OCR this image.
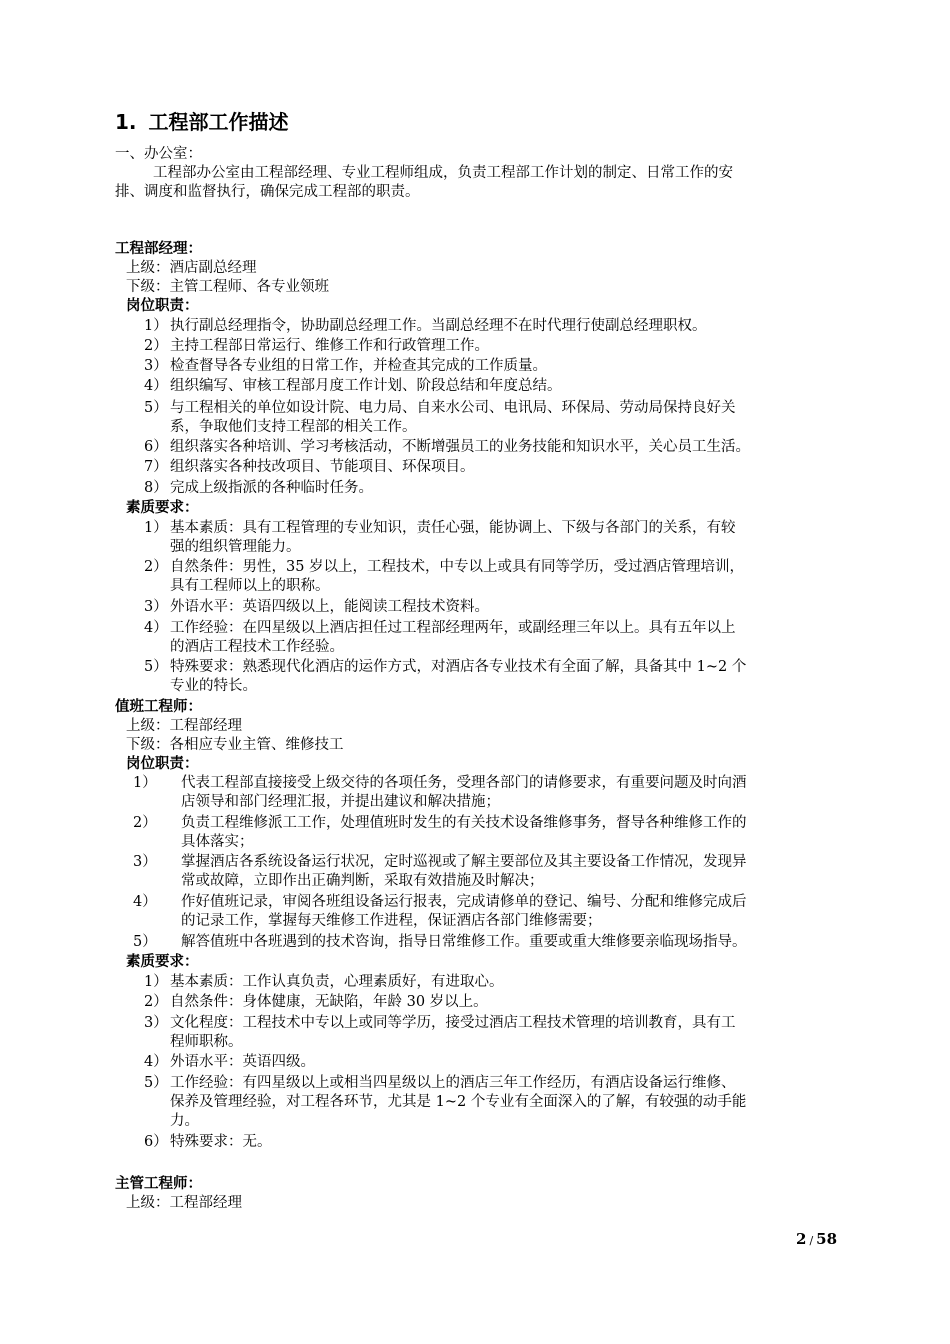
1. 工程部工作描述
一、办公室：
工程部办公室由工程部经理、专业工程师组成，负责工程部工作计划的制定、日常工作的安
排、调度和监督执行，确保完成工程部的职责。
工程部经理：
上级：酒店副总经理
下级：主管工程师、各专业领班
岗位职责：
1） 执行副总经理指令，协助副总经理工作。当副总经理不在时代理行使副总经理职权。
2） 主持工程部日常运行、维修工作和行政管理工作。
3） 检查督导各专业组的日常工作，并检查其完成的工作质量。
4） 组织编写、审核工程部月度工作计划、阶段总结和年度总结。
5） 与工程相关的单位如设计院、电力局、自来水公司、电讯局、环保局、劳动局保持良好关
系，争取他们支持工程部的相关工作。
6） 组织落实各种培训、学习考核活动，不断增强员工的业务技能和知识水平，关心员工生活。
7） 组织落实各种技改项目、节能项目、环保项目。
8） 完成上级指派的各种临时任务。
素质要求：
1） 基本素质：具有工程管理的专业知识，责任心强，能协调上、下级与各部门的关系，有较
强的组织管理能力。
2） 自然条件：男性，35 岁以上，工程技术，中专以上或具有同等学历，受过酒店管理培训，
具有工程师以上的职称。
3） 外语水平：英语四级以上，能阅读工程技术资料。
4） 工作经验：在四星级以上酒店担任过工程部经理两年，或副经理三年以上。具有五年以上
的酒店工程技术工作经验。
5） 特殊要求：熟悉现代化酒店的运作方式，对酒店各专业技术有全面了解，具备其中 1~2 个
专业的特长。
值班工程师：
上级：工程部经理
下级：各相应专业主管、维修技工
岗位职责：
1） 代表工程部直接接受上级交待的各项任务，受理各部门的请修要求，有重要问题及时向酒
店领导和部门经理汇报，并提出建议和解决措施；
2） 负责工程维修派工工作，处理值班时发生的有关技术设备维修事务，督导各种维修工作的
具体落实；
3） 掌握酒店各系统设备运行状况，定时巡视或了解主要部位及其主要设备工作情况，发现异
常或故障，立即作出正确判断，采取有效措施及时解决；
4） 作好值班记录，审阅各班组设备运行报表，完成请修单的登记、编号、分配和维修完成后
的记录工作，掌握每天维修工作进程，保证酒店各部门维修需要；
5） 解答值班中各班遇到的技术咨询，指导日常维修工作。重要或重大维修要亲临现场指导。
素质要求：
1） 基本素质：工作认真负责，心理素质好，有进取心。
2） 自然条件：身体健康，无缺陷，年龄 30 岁以上。
3） 文化程度：工程技术中专以上或同等学历，接受过酒店工程技术管理的培训教育，具有工
程师职称。
4） 外语水平：英语四级。
5） 工作经验：有四星级以上或相当四星级以上的酒店三年工作经历，有酒店设备运行维修、
保养及管理经验，对工程各环节，尤其是 1~2 个专业有全面深入的了解，有较强的动手能
力。
6） 特殊要求：无。
主管工程师：
上级：工程部经理
2 / 58
